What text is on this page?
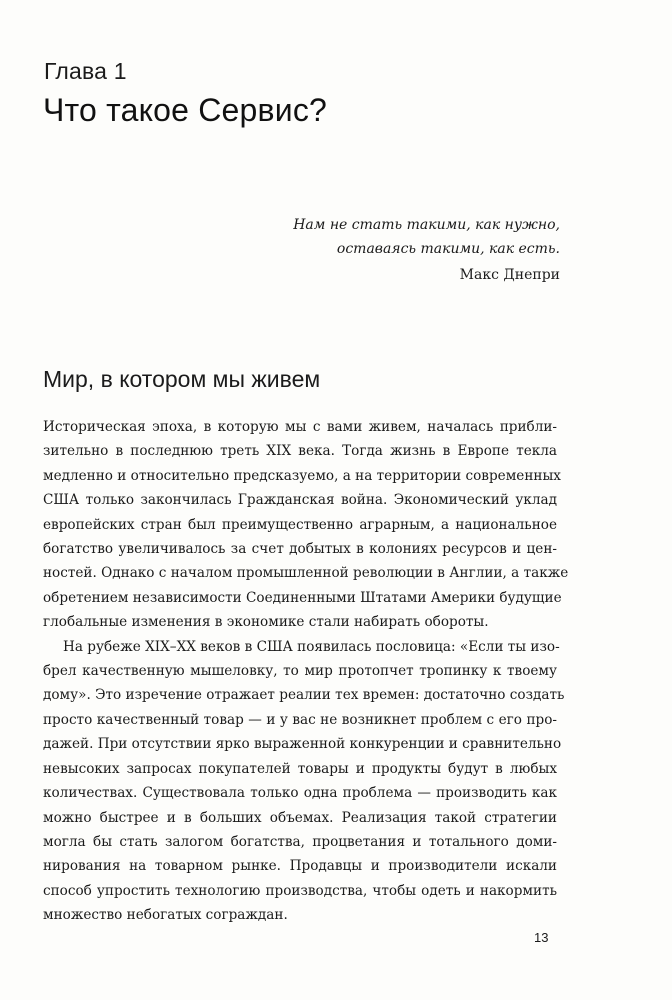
Глава 1
Что такое Сервис?
Нам не стать такими, как нужно,
оставаясь такими, как есть.
Макс Днепри
Мир, в котором мы живем
Историческая эпоха, в которую мы с вами живем, началась прибли-
зительно в последнюю треть XIX века. Тогда жизнь в Европе текла
медленно и относительно предсказуемо, а на территории современных
США только закончилась Гражданская война. Экономический уклад
европейских стран был преимущественно аграрным, а национальное
богатство увеличивалось за счет добытых в колониях ресурсов и цен-
ностей. Однако с началом промышленной революции в Англии, а также
обретением независимости Соединенными Штатами Америки будущие
глобальные изменения в экономике стали набирать обороты.
На рубеже XIX–XX веков в США появилась пословица: «Если ты изо-
брел качественную мышеловку, то мир протопчет тропинку к твоему
дому». Это изречение отражает реалии тех времен: достаточно создать
просто качественный товар — и у вас не возникнет проблем с его про-
дажей. При отсутствии ярко выраженной конкуренции и сравнительно
невысоких запросах покупателей товары и продукты будут в любых
количествах. Существовала только одна проблема — производить как
можно быстрее и в больших объемах. Реализация такой стратегии
могла бы стать залогом богатства, процветания и тотального доми-
нирования на товарном рынке. Продавцы и производители искали
способ упростить технологию производства, чтобы одеть и накормить
множество небогатых сограждан.
13
